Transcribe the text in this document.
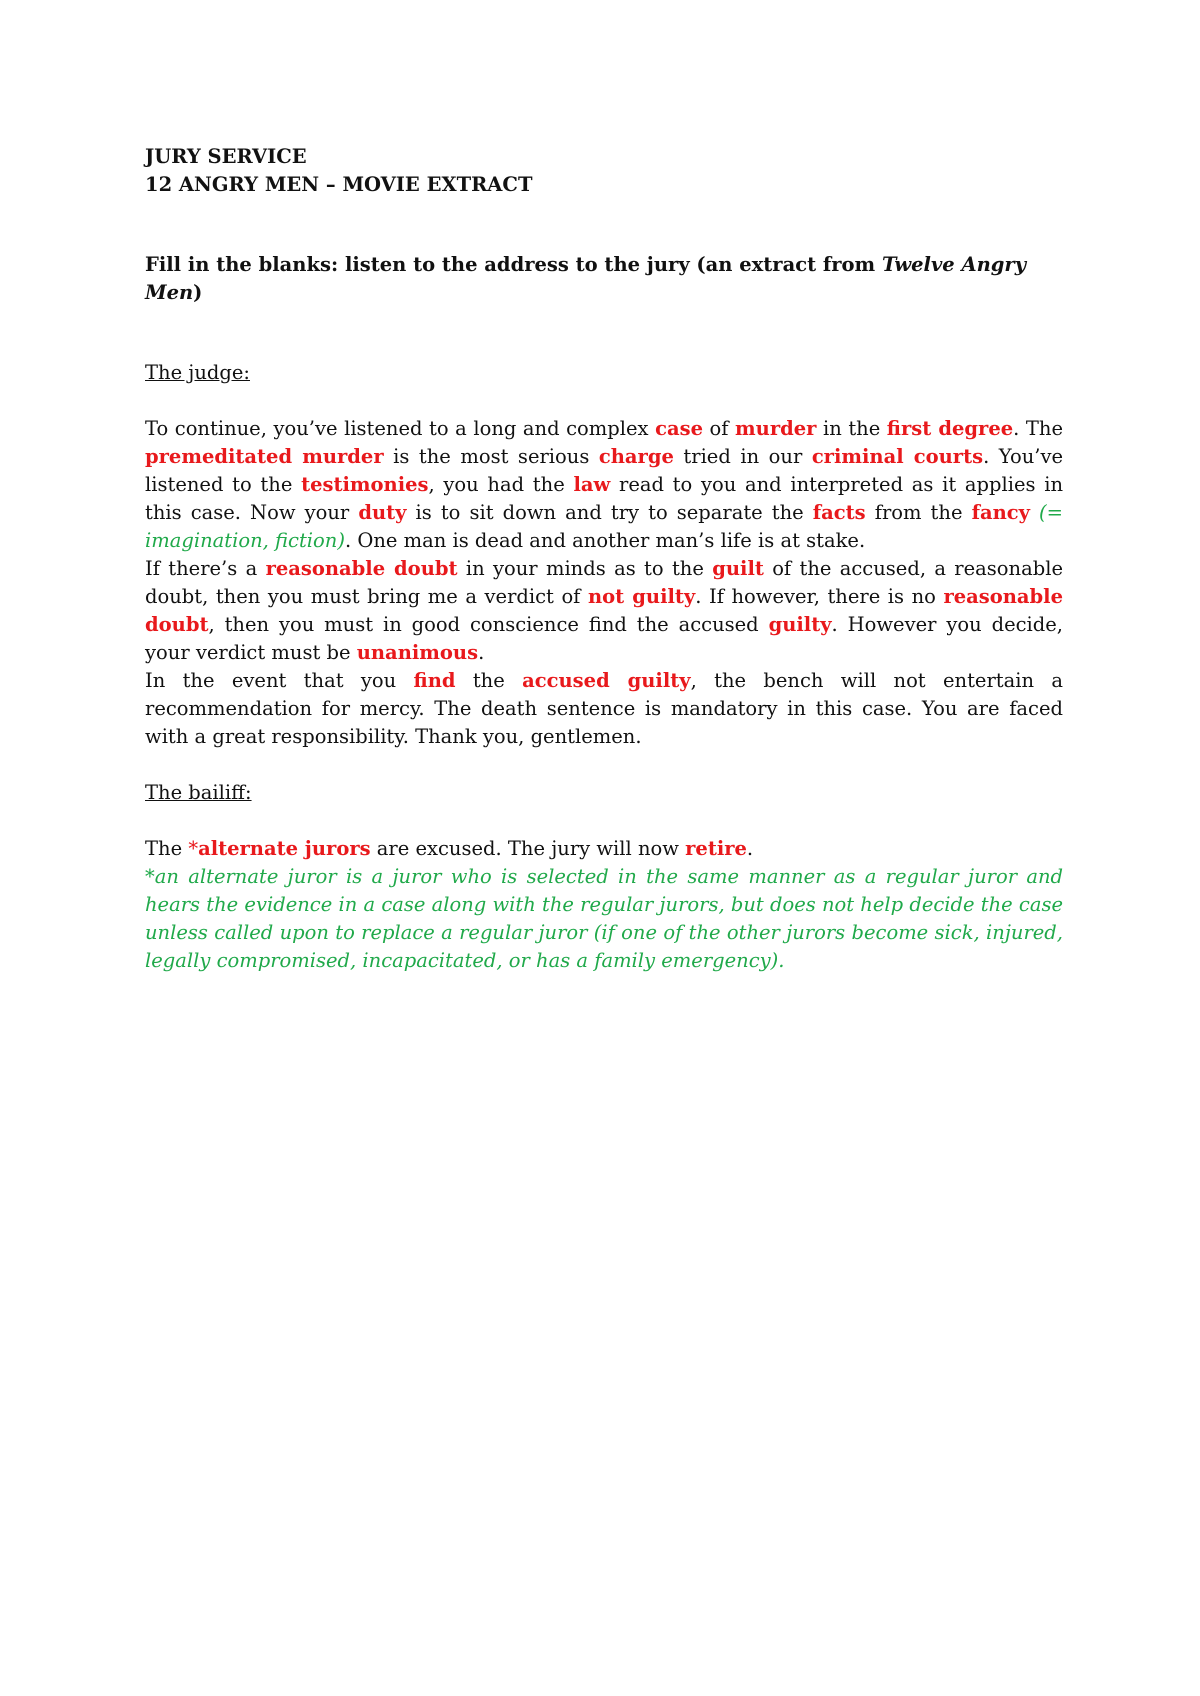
JURY SERVICE

12 ANGRY MEN – MOVIE EXTRACT

Fill in the blanks: listen to the address to the jury (an extract from Twelve Angry Men)

The judge:

To continue, you’ve listened to a long and complex case of murder in the first degree. The premeditated murder is the most serious charge tried in our criminal courts. You’ve listened to the testimonies, you had the law read to you and interpreted as it applies in this case. Now your duty is to sit down and try to separate the facts from the fancy (= imagination, fiction). One man is dead and another man’s life is at stake.

If there’s a reasonable doubt in your minds as to the guilt of the accused, a reasonable doubt, then you must bring me a verdict of not guilty. If however, there is no reasonable doubt, then you must in good conscience find the accused guilty. However you decide, your verdict must be unanimous.

In the event that you find the accused guilty, the bench will not entertain a recommendation for mercy. The death sentence is mandatory in this case. You are faced with a great responsibility. Thank you, gentlemen.

The bailiff:

The *alternate jurors are excused. The jury will now retire.

*an alternate juror is a juror who is selected in the same manner as a regular juror and hears the evidence in a case along with the regular jurors, but does not help decide the case unless called upon to replace a regular juror (if one of the other jurors become sick, injured, legally compromised, incapacitated, or has a family emergency).
